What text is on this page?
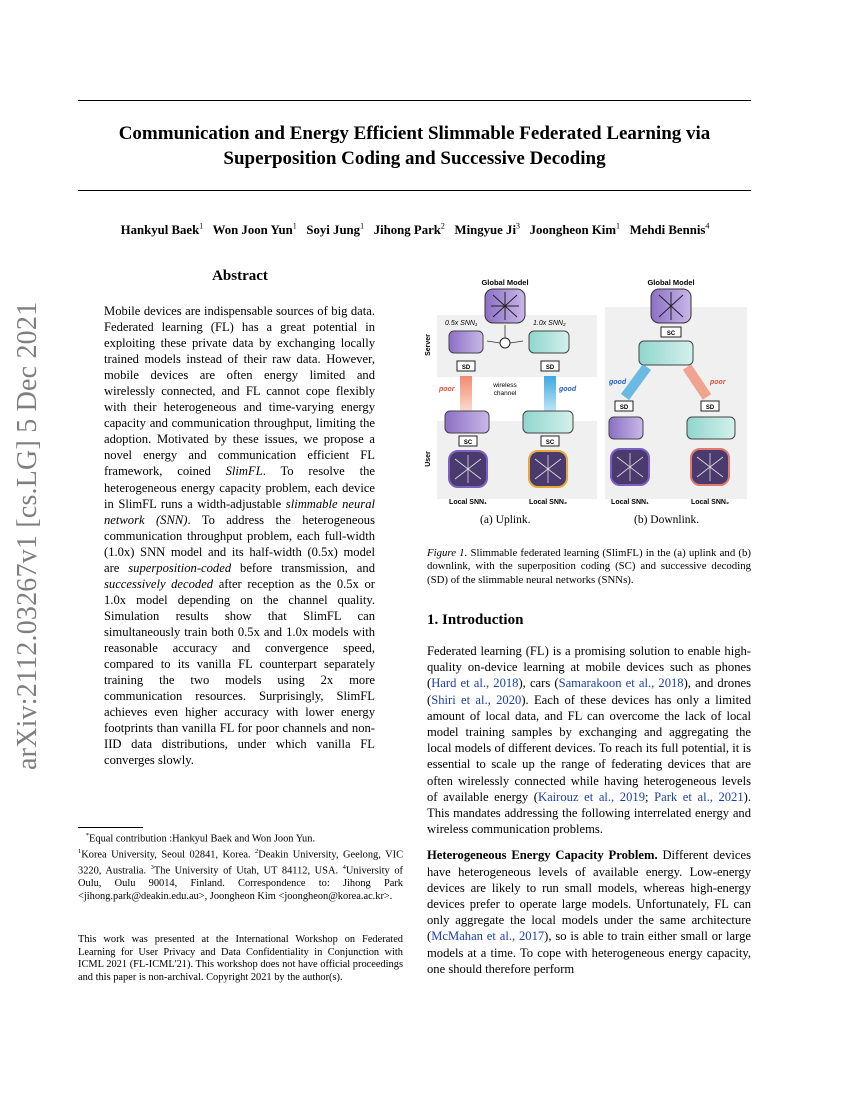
Communication and Energy Efficient Slimmable Federated Learning via Superposition Coding and Successive Decoding
Hankyul Baek$^1$ Won Joon Yun$^1$ Soyi Jung$^1$ Jihong Park$^2$ Mingyue Ji$^3$ Joongheon Kim$^1$ Mehdi Bennis$^4$
arXiv:2112.03267v1 [cs.LG] 5 Dec 2021
Abstract
Mobile devices are indispensable sources of big data. Federated learning (FL) has a great potential in exploiting these private data by exchanging locally trained models instead of their raw data. However, mobile devices are often energy limited and wirelessly connected, and FL cannot cope flexibly with their heterogeneous and time-varying energy capacity and communication throughput, limiting the adoption. Motivated by these issues, we propose a novel energy and communication efficient FL framework, coined SlimFL. To resolve the heterogeneous energy capacity problem, each device in SlimFL runs a width-adjustable slimmable neural network (SNN). To address the heterogeneous communication throughput problem, each full-width (1.0x) SNN model and its half-width (0.5x) model are superposition-coded before transmission, and successively decoded after reception as the 0.5x or 1.0x model depending on the channel quality. Simulation results show that SlimFL can simultaneously train both 0.5x and 1.0x models with reasonable accuracy and convergence speed, compared to its vanilla FL counterpart separately training the two models using 2x more communication resources. Surprisingly, SlimFL achieves even higher accuracy with lower energy footprints than vanilla FL for poor channels and non-IID data distributions, under which vanilla FL converges slowly.

*Equal contribution :Hankyul Baek and Won Joon Yun.

$^1$Korea University, Seoul 02841, Korea. $^2$Deakin University, Geelong, VIC 3220, Australia. $^3$The University of Utah, UT 84112, USA. $^4$University of Oulu, Oulu 90014, Finland. Correspondence to: Jihong Park <jihong.park@deakin.edu.au>, Joongheon Kim <joongheon@korea.ac.kr>.

This work was presented at the International Workshop on Federated Learning for User Privacy and Data Confidentiality in Conjunction with ICML 2021 (FL-ICML'21). This workshop does not have official proceedings and this paper is non-archival. Copyright 2021 by the author(s).
Server
User
Global Model
0.5x SNN₁	1.0x SNN₂
SD	SD
poor	good
wireless
channel
SC	SC
Local SNN₁	Local SNN₂
Global Model
SC
good	poor
SD	SD
Local SNN₁	Local SNN₂
(a) Uplink.	(b) Downlink.
Figure 1. Slimmable federated learning (SlimFL) in the (a) uplink and (b) downlink, with the superposition coding (SC) and successive decoding (SD) of the slimmable neural networks (SNNs).
1. Introduction

Federated learning (FL) is a promising solution to enable high-quality on-device learning at mobile devices such as phones (Hard et al., 2018), cars (Samarakoon et al., 2018), and drones (Shiri et al., 2020). Each of these devices has only a limited amount of local data, and FL can overcome the lack of local model training samples by exchanging and aggregating the local models of different devices. To reach its full potential, it is essential to scale up the range of federating devices that are often wirelessly connected while having heterogeneous levels of available energy (Kairouz et al., 2019; Park et al., 2021). This mandates addressing the following interrelated energy and wireless communication problems.

Heterogeneous Energy Capacity Problem. Different devices have heterogeneous levels of available energy. Low-energy devices are likely to run small models, whereas high-energy devices prefer to operate large models. Unfortunately, FL can only aggregate the local models under the same architecture (McMahan et al., 2017), so is able to train either small or large models at a time. To cope with heterogeneous energy capacity, one should therefore perform
